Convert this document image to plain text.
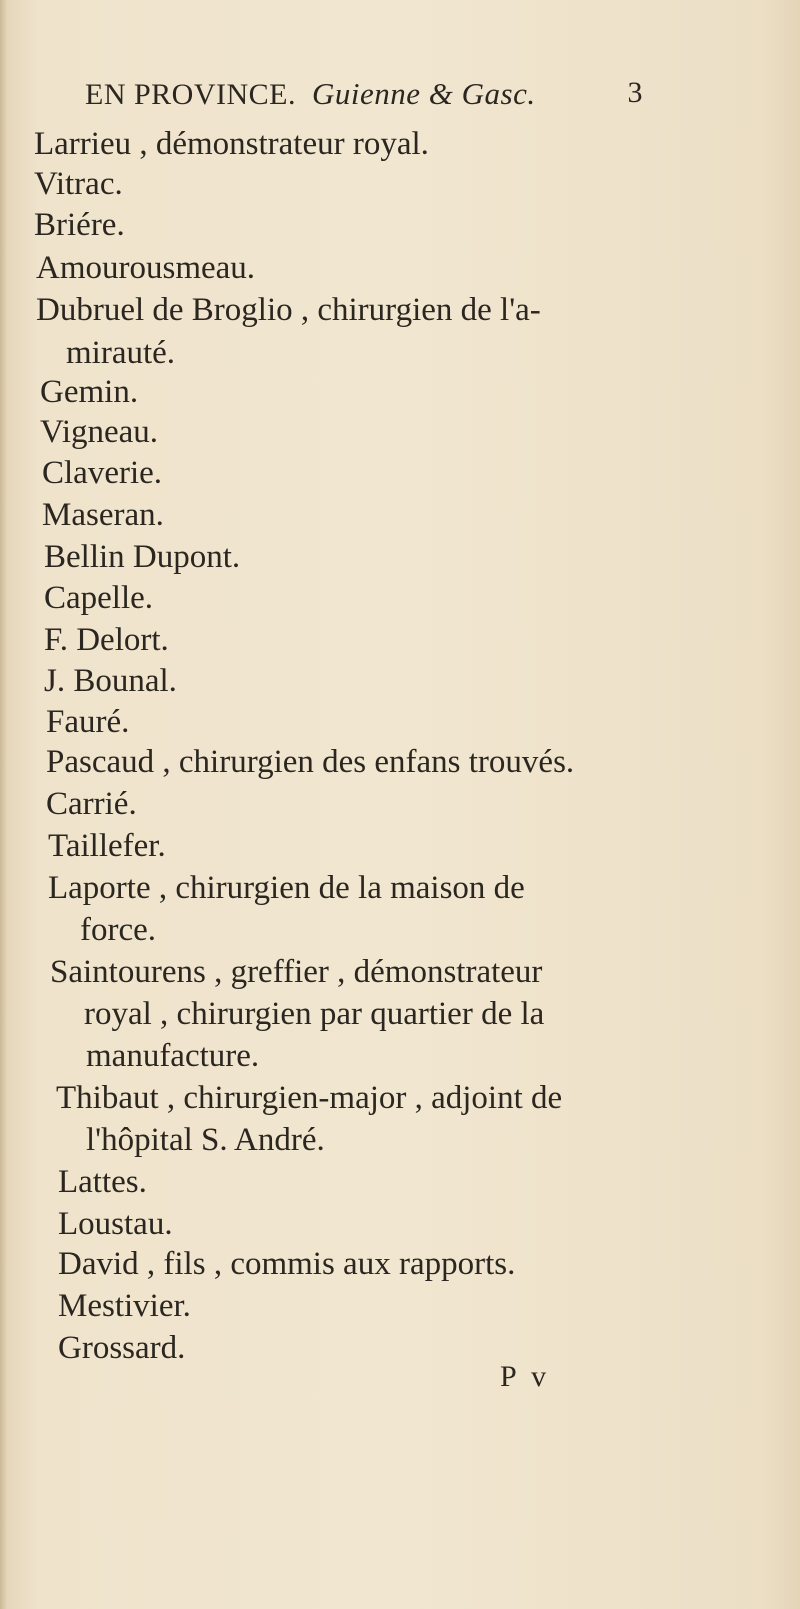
EN PROVINCE. Guienne & Gasc.	3
Larrieu , démonstrateur royal.
Vitrac.
Briére.
Amourousmeau.
Dubruel de Broglio , chirurgien de l'a-
mirauté.
Gemin.
Vigneau.
Claverie.
Maseran.
Bellin Dupont.
Capelle.
F. Delort.
J. Bounal.
Fauré.
Pascaud , chirurgien des enfans trouvés.
Carrié.
Taillefer.
Laporte , chirurgien de la maison de
force.
Saintourens , greffier , démonstrateur
royal , chirurgien par quartier de la
manufacture.
Thibaut , chirurgien-major , adjoint de
l'hôpital S. André.
Lattes.
Loustau.
David , fils , commis aux rapports.
Mestivier.
Grossard.
P v
